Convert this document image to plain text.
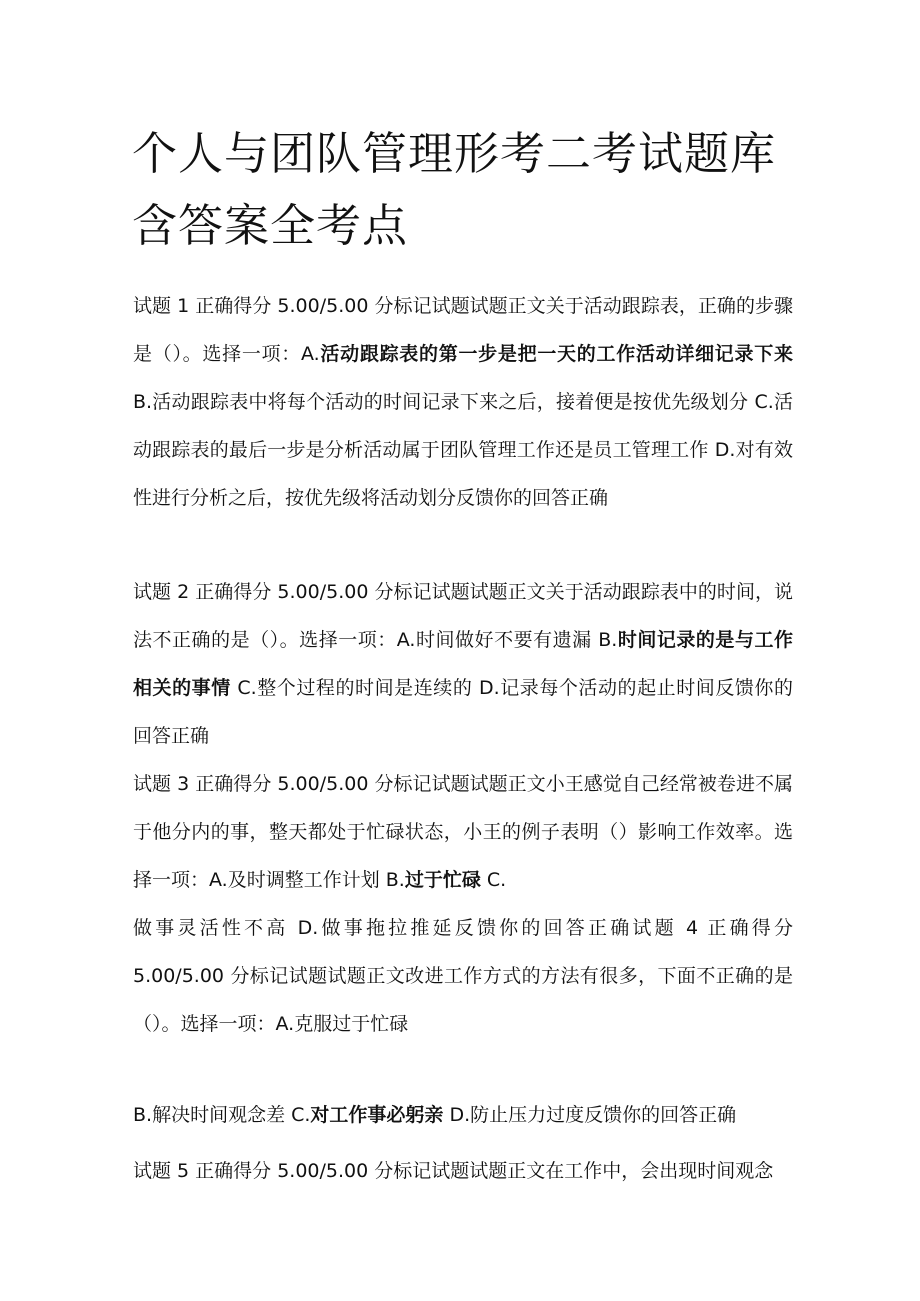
个人与团队管理形考二考试题库含答案全考点

试题 1 正确得分 5.00/5.00 分标记试题试题正文关于活动跟踪表，正确的步骤是（）。选择一项：A.活动跟踪表的第一步是把一天的工作活动详细记录下来 B.活动跟踪表中将每个活动的时间记录下来之后，接着便是按优先级划分 C.活动跟踪表的最后一步是分析活动属于团队管理工作还是员工管理工作 D.对有效性进行分析之后，按优先级将活动划分反馈你的回答正确

试题 2 正确得分 5.00/5.00 分标记试题试题正文关于活动跟踪表中的时间，说法不正确的是（）。选择一项：A.时间做好不要有遗漏 B.时间记录的是与工作相关的事情 C.整个过程的时间是连续的 D.记录每个活动的起止时间反馈你的回答正确

试题 3 正确得分 5.00/5.00 分标记试题试题正文小王感觉自己经常被卷进不属于他分内的事，整天都处于忙碌状态，小王的例子表明（）影响工作效率。选择一项：A.及时调整工作计划 B.过于忙碌 C.
做事灵活性不高 D.做事拖拉推延反馈你的回答正确试题 4 正确得分 5.00/5.00 分标记试题试题正文改进工作方式的方法有很多，下面不正确的是（）。选择一项：A.克服过于忙碌

B.解决时间观念差 C.对工作事必躬亲 D.防止压力过度反馈你的回答正确

试题 5 正确得分 5.00/5.00 分标记试题试题正文在工作中，会出现时间观念
